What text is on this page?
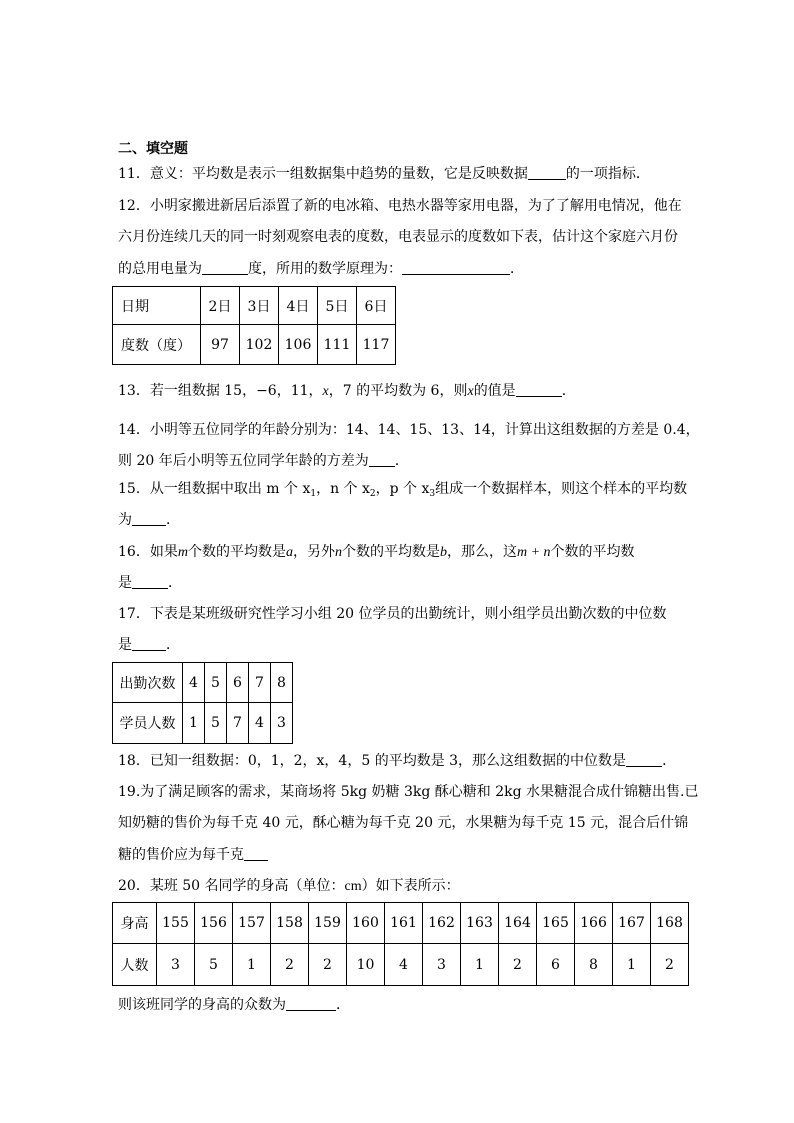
二、填空题
11．意义：平均数是表示一组数据集中趋势的量数，它是反映数据	的一项指标．
12．小明家搬进新居后添置了新的电冰箱、电热水器等家用电器，为了了解用电情况，他在
六月份连续几天的同一时刻观察电表的度数，电表显示的度数如下表，估计这个家庭六月份
的总用电量为	度，所用的数学原理为：	．
日期	2日	3日	4日	5日	6日
度数（度）	97	102	106	111	117
13．若一组数据 15，−6，11，x，7 的平均数为 6，则x的值是	.
14．小明等五位同学的年龄分别为：14、14、15、13、14，计算出这组数据的方差是 0.4，
则 20 年后小明等五位同学年龄的方差为 .
15．从一组数据中取出 m 个 $x_1$，n 个 $x_2$，p 个 $x_3$组成一个数据样本，则这个样本的平均数
为 ．
16．如果m个数的平均数是a，另外n个数的平均数是b，那么，这m + n个数的平均数
是	．
17．下表是某班级研究性学习小组 20 位学员的出勤统计，则小组学员出勤次数的中位数
是 ．
出勤次数	4	5	6	7	8
学员人数	1	5	7	4	3
18．已知一组数据：0，1，2，x，4，5 的平均数是 3，那么这组数据的中位数是	．
19.为了满足顾客的需求，某商场将 5kg 奶糖 3kg 酥心糖和 2kg 水果糖混合成什锦糖出售.已
知奶糖的售价为每千克 40 元，酥心糖为每千克 20 元，水果糖为每千克 15 元，混合后什锦
糖的售价应为每千克
20．某班 50 名同学的身高（单位：cm）如下表所示：
身高	155	156	157	158	159	160	161	162	163	164	165	166	167	168
人数	3	5	1	2	2	10	4	3	1	2	6	8	1	2
则该班同学的身高的众数为	．
